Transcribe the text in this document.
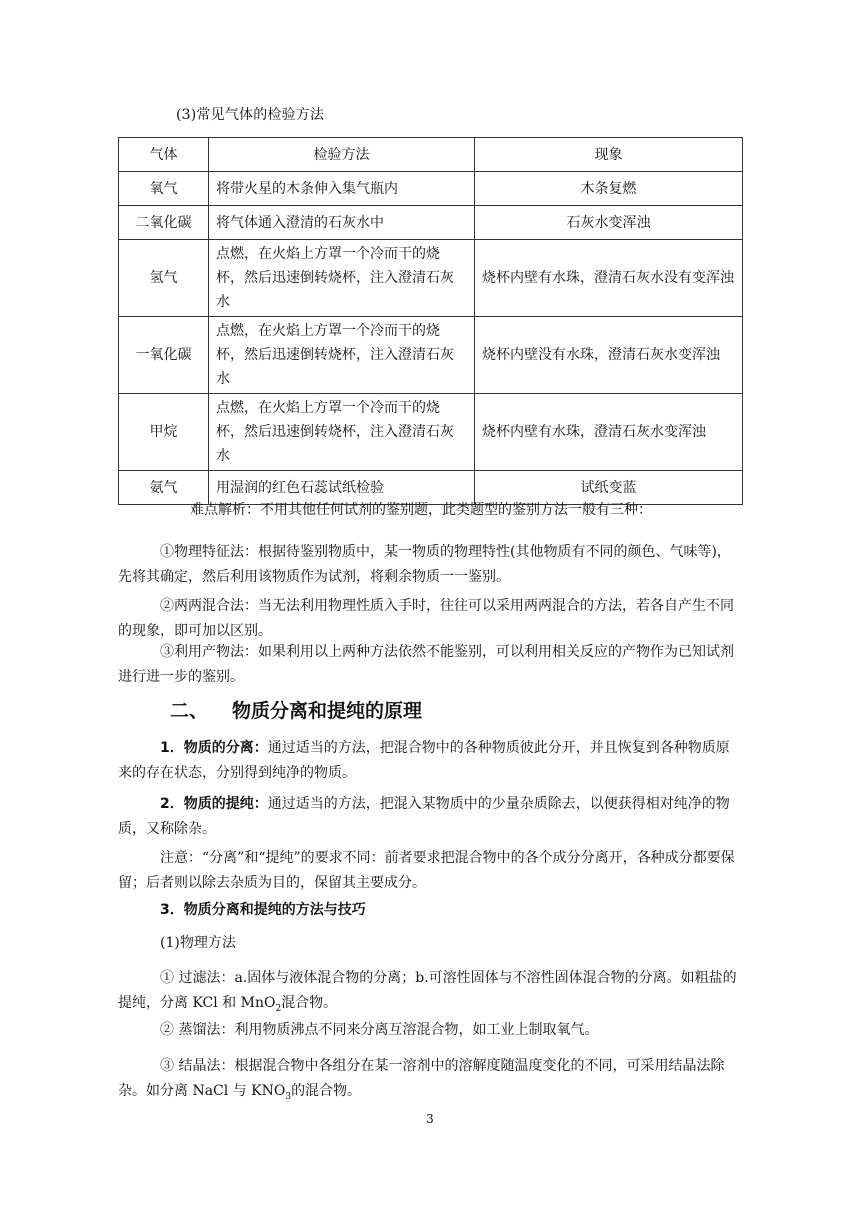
(3)常见气体的检验方法
气体	检验方法	现象
氧气	将带火星的木条伸入集气瓶内	木条复燃
二氧化碳	将气体通入澄清的石灰水中	石灰水变浑浊
氢气	点燃，在火焰上方罩一个冷而干的烧杯，然后迅速倒转烧杯，注入澄清石灰水	烧杯内壁有水珠，澄清石灰水没有变浑浊
一氧化碳	点燃，在火焰上方罩一个冷而干的烧杯，然后迅速倒转烧杯，注入澄清石灰水	烧杯内壁没有水珠，澄清石灰水变浑浊
甲烷	点燃，在火焰上方罩一个冷而干的烧杯，然后迅速倒转烧杯，注入澄清石灰水	烧杯内壁有水珠，澄清石灰水变浑浊
氨气	用湿润的红色石蕊试纸检验	试纸变蓝
难点解析：不用其他任何试剂的鉴别题，此类题型的鉴别方法一般有三种：
①物理特征法：根据待鉴别物质中，某一物质的物理特性(其他物质有不同的颜色、气味等)，先将其确定，然后利用该物质作为试剂，将剩余物质一一鉴别。
②两两混合法：当无法利用物理性质入手时，往往可以采用两两混合的方法，若各自产生不同的现象，即可加以区别。
③利用产物法：如果利用以上两种方法依然不能鉴别，可以利用相关反应的产物作为已知试剂进行进一步的鉴别。
二、 物质分离和提纯的原理
1．物质的分离：通过适当的方法，把混合物中的各种物质彼此分开，并且恢复到各种物质原来的存在状态，分别得到纯净的物质。
2．物质的提纯：通过适当的方法，把混入某物质中的少量杂质除去，以便获得相对纯净的物质，又称除杂。
注意：“分离”和“提纯”的要求不同：前者要求把混合物中的各个成分分离开，各种成分都要保留；后者则以除去杂质为目的，保留其主要成分。
3．物质分离和提纯的方法与技巧
(1)物理方法
① 过滤法：a.固体与液体混合物的分离；b.可溶性固体与不溶性固体混合物的分离。如粗盐的提纯，分离 KCl 和 MnO$_2$混合物。
② 蒸馏法：利用物质沸点不同来分离互溶混合物，如工业上制取氧气。
③ 结晶法：根据混合物中各组分在某一溶剂中的溶解度随温度变化的不同，可采用结晶法除杂。如分离 NaCl 与 $KNO_3$的混合物。
3
